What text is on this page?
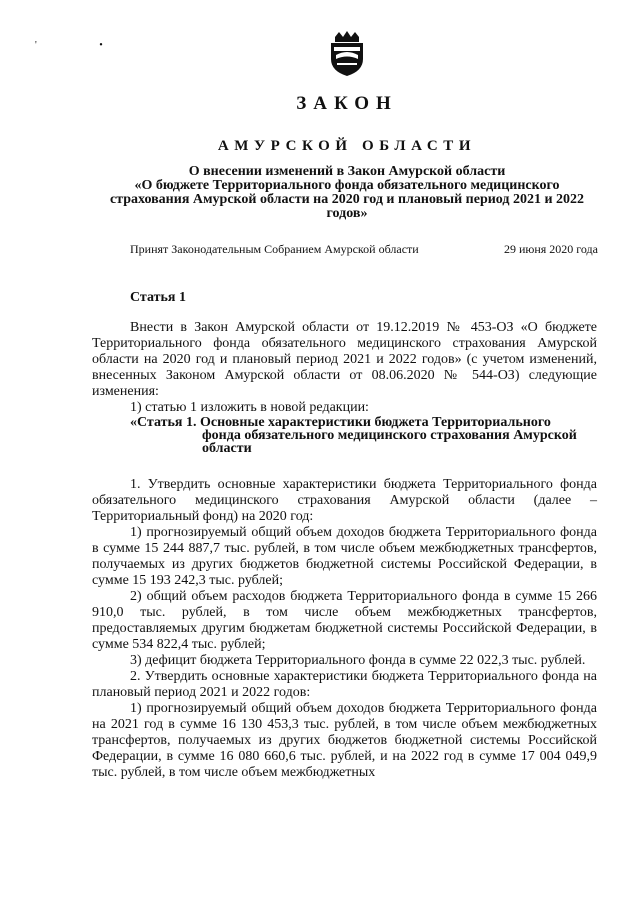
' •
ЗАКОН
АМУРСКОЙ ОБЛАСТИ
О внесении изменений в Закон Амурской области
«О бюджете Территориального фонда обязательного медицинского страхования Амурской области на 2020 год и плановый период 2021 и 2022 годов»
Принят Законодательным Собранием Амурской области	29 июня 2020 года
Статья 1

Внести в Закон Амурской области от 19.12.2019 № 453-ОЗ «О бюджете Территориального фонда обязательного медицинского страхования Амурской области на 2020 год и плановый период 2021 и 2022 годов» (с учетом изменений, внесенных Законом Амурской области от 08.06.2020 № 544-ОЗ) следующие изменения:

1) статью 1 изложить в новой редакции:

«Статья 1. Основные характеристики бюджета Территориального
фонда обязательного медицинского страхования Амурской области

1. Утвердить основные характеристики бюджета Территориального фонда обязательного медицинского страхования Амурской области (далее – Территориальный фонд) на 2020 год:

1) прогнозируемый общий объем доходов бюджета Территориального фонда в сумме 15 244 887,7 тыс. рублей, в том числе объем межбюджетных трансфертов, получаемых из других бюджетов бюджетной системы Российской Федерации, в сумме 15 193 242,3 тыс. рублей;

2) общий объем расходов бюджета Территориального фонда в сумме 15 266 910,0 тыс. рублей, в том числе объем межбюджетных трансфертов, предоставляемых другим бюджетам бюджетной системы Российской Федерации, в сумме 534 822,4 тыс. рублей;

3) дефицит бюджета Территориального фонда в сумме 22 022,3 тыс. рублей.

2. Утвердить основные характеристики бюджета Территориального фонда на плановый период 2021 и 2022 годов:

1) прогнозируемый общий объем доходов бюджета Территориального фонда на 2021 год в сумме 16 130 453,3 тыс. рублей, в том числе объем межбюджетных трансфертов, получаемых из других бюджетов бюджетной системы Российской Федерации, в сумме 16 080 660,6 тыс. рублей, и на 2022 год в сумме 17 004 049,9 тыс. рублей, в том числе объем межбюджетных
